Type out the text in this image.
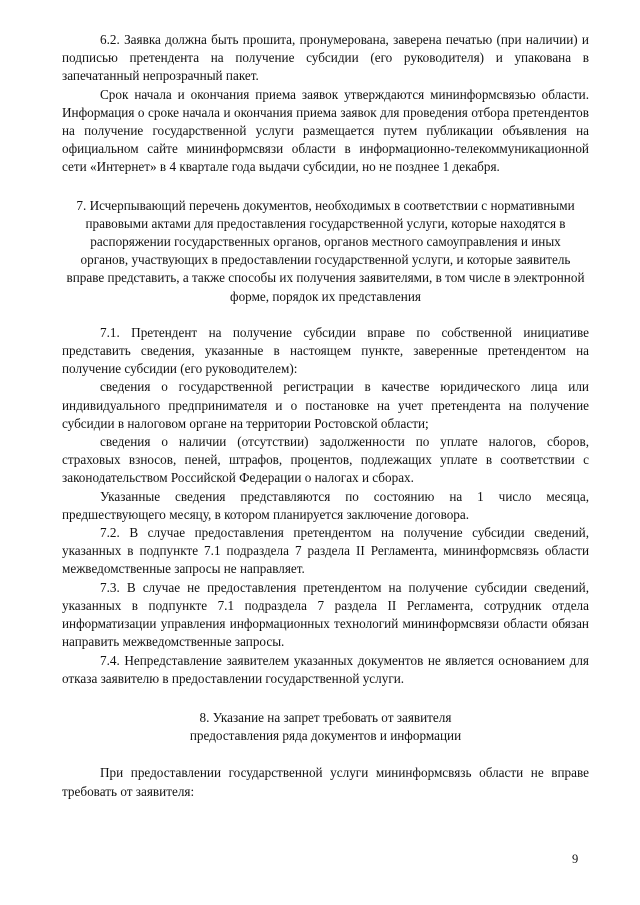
6.2. Заявка должна быть прошита, пронумерована, заверена печатью (при наличии) и подписью претендента на получение субсидии (его руководителя) и упакована в запечатанный непрозрачный пакет.

Срок начала и окончания приема заявок утверждаются мининформсвязью области. Информация о сроке начала и окончания приема заявок для проведения отбора претендентов на получение государственной услуги размещается путем публикации объявления на официальном сайте мининформсвязи области в информационно-телекоммуникационной сети «Интернет» в 4 квартале года выдачи субсидии, но не позднее 1 декабря.

7. Исчерпывающий перечень документов, необходимых в соответствии с нормативными правовыми актами для предоставления государственной услуги, которые находятся в распоряжении государственных органов, органов местного самоуправления и иных органов, участвующих в предоставлении государственной услуги, и которые заявитель вправе представить, а также способы их получения заявителями, в том числе в электронной форме, порядок их представления

7.1. Претендент на получение субсидии вправе по собственной инициативе представить сведения, указанные в настоящем пункте, заверенные претендентом на получение субсидии (его руководителем):

сведения о государственной регистрации в качестве юридического лица или индивидуального предпринимателя и о постановке на учет претендента на получение субсидии в налоговом органе на территории Ростовской области;

сведения о наличии (отсутствии) задолженности по уплате налогов, сборов, страховых взносов, пеней, штрафов, процентов, подлежащих уплате в соответствии с законодательством Российской Федерации о налогах и сборах.

Указанные сведения представляются по состоянию на 1 число месяца, предшествующего месяцу, в котором планируется заключение договора.

7.2. В случае предоставления претендентом на получение субсидии сведений, указанных в подпункте 7.1 подраздела 7 раздела II Регламента, мининформсвязь области межведомственные запросы не направляет.

7.3. В случае не предоставления претендентом на получение субсидии сведений, указанных в подпункте 7.1 подраздела 7 раздела II Регламента, сотрудник отдела информатизации управления информационных технологий мининформсвязи области обязан направить межведомственные запросы.

7.4. Непредставление заявителем указанных документов не является основанием для отказа заявителю в предоставлении государственной услуги.

8. Указание на запрет требовать от заявителя предоставления ряда документов и информации

При предоставлении государственной услуги мининформсвязь области не вправе требовать от заявителя:

9
